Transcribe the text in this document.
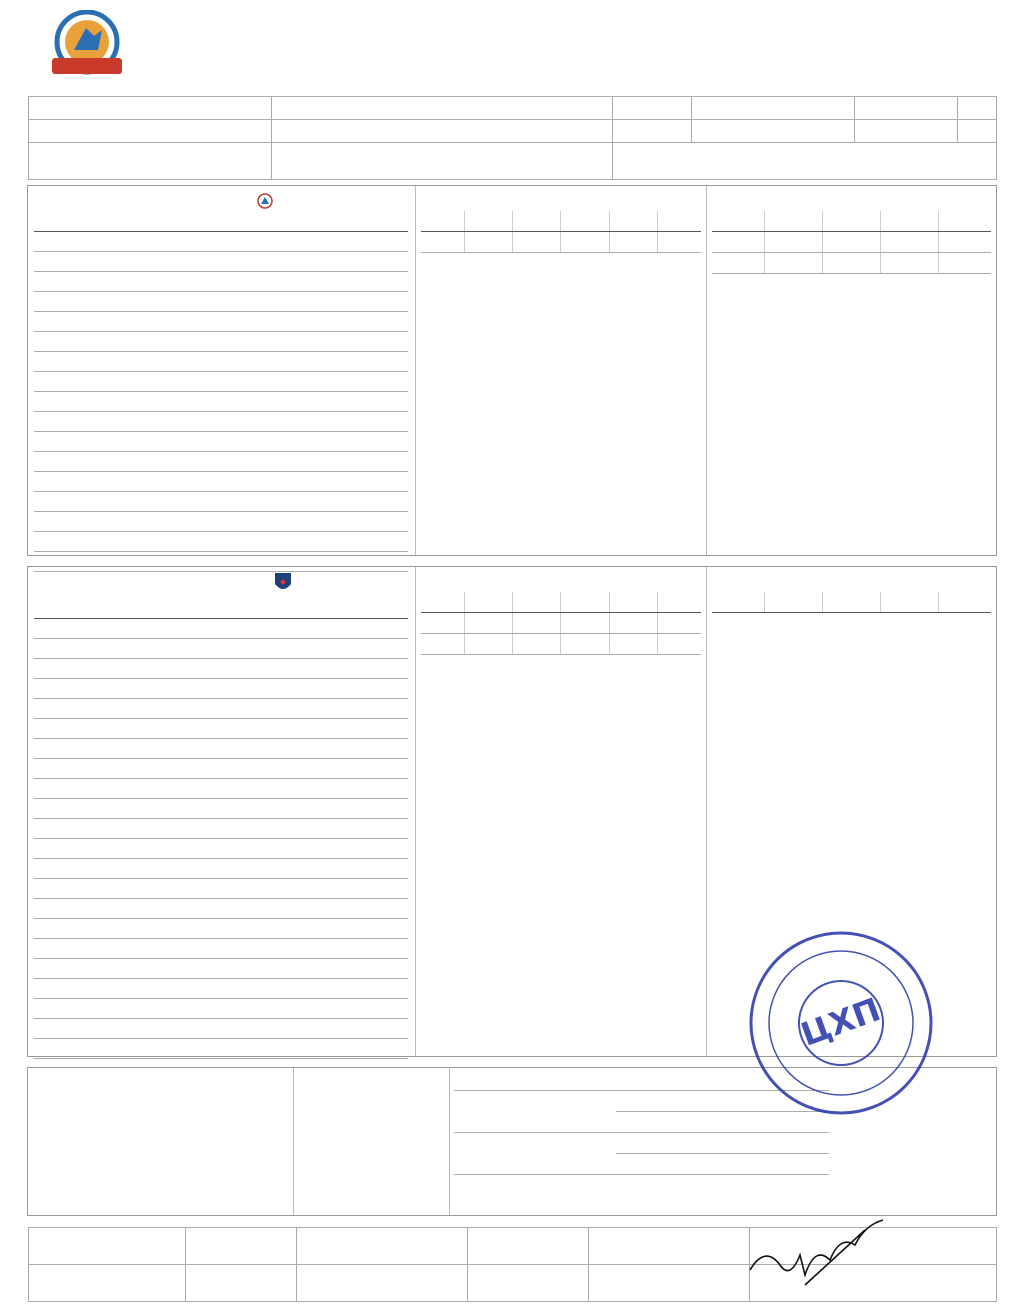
ЦХП
